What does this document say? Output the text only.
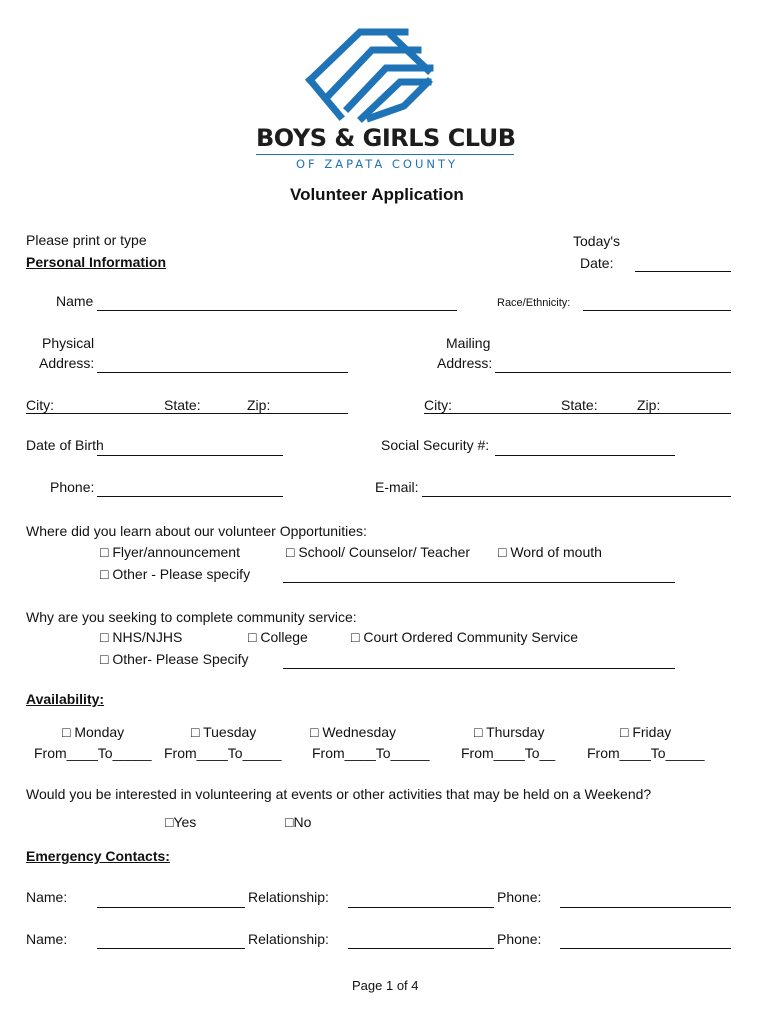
BOYS & GIRLS CLUB
OF ZAPATA COUNTY
Volunteer Application
Please print or type
Personal Information
Today's
Date:
Name	Race/Ethnicity:
Physical
Address:
Mailing
Address:
City:	State:	Zip:	City:	State:	Zip:
Date of Birth	Social Security #:
Phone:	E-mail:
Where did you learn about our volunteer Opportunities:
□ Flyer/announcement	□ School/ Counselor/ Teacher □ Word of mouth
□ Other - Please specify
Why are you seeking to complete community service:
□ NHS/NJHS	□ College	□ Court Ordered Community Service
□ Other- Please Specify
Availability:
□ Monday	□ Tuesday	□ Wednesday	□ Thursday	□ Friday
From____To_____ From____To_____ From____To_____ From____To__ From____To_____
Would you be interested in volunteering at events or other activities that may be held on a Weekend?
□Yes	□No
Emergency Contacts:
Name:	Relationship:	Phone:
Name:	Relationship:	Phone:
Page 1 of 4
